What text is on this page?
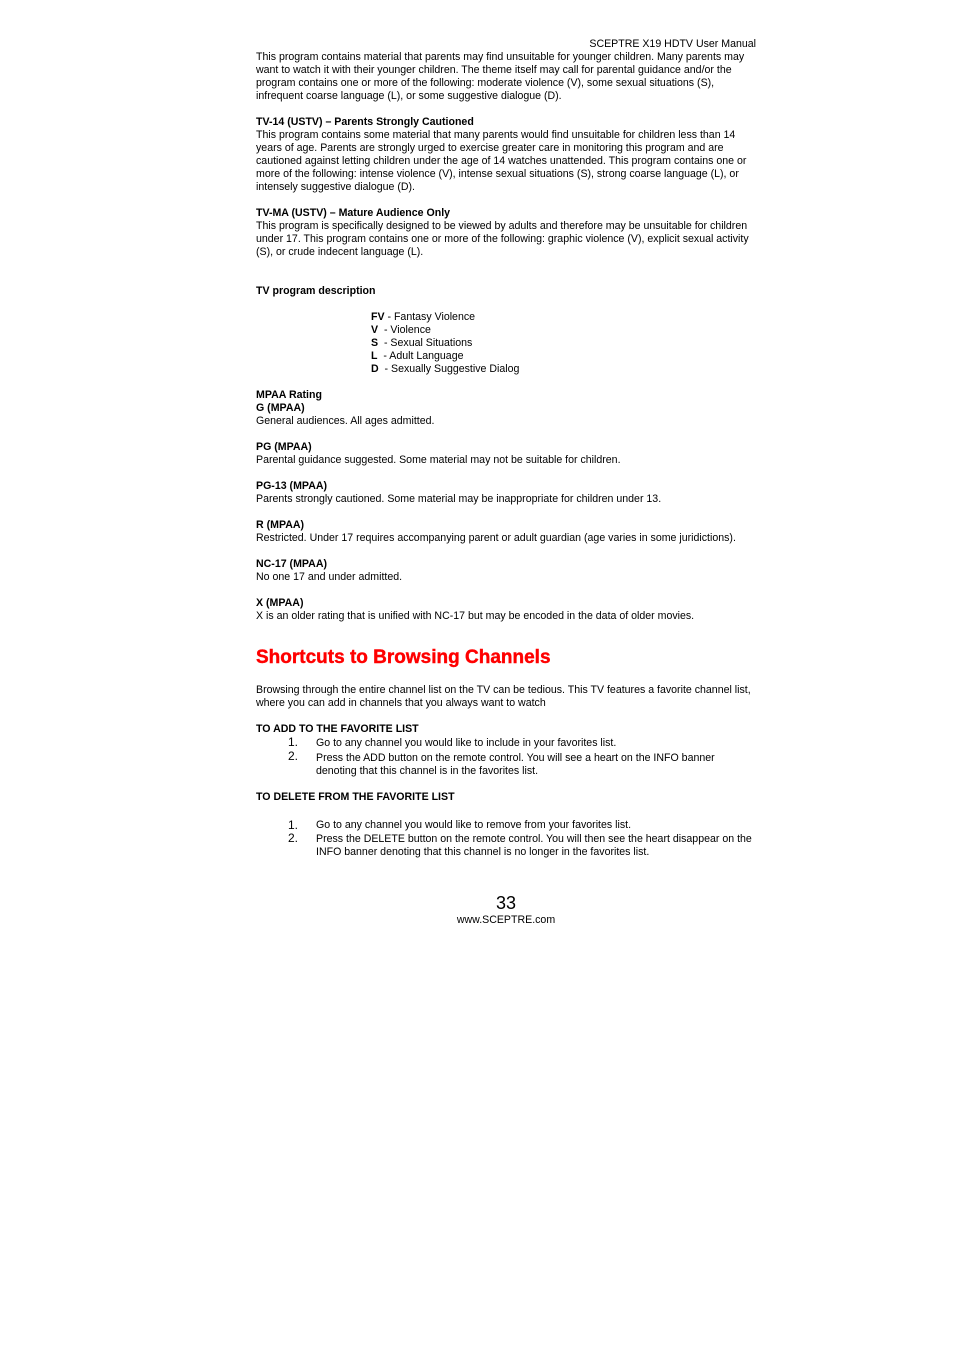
SCEPTRE X19 HDTV User Manual

This program contains material that parents may find unsuitable for younger children. Many parents may want to watch it with their younger children. The theme itself may call for parental guidance and/or the program contains one or more of the following: moderate violence (V), some sexual situations (S), infrequent coarse language (L), or some suggestive dialogue (D).

TV-14 (USTV) – Parents Strongly Cautioned

This program contains some material that many parents would find unsuitable for children less than 14 years of age. Parents are strongly urged to exercise greater care in monitoring this program and are cautioned against letting children under the age of 14 watches unattended. This program contains one or more of the following: intense violence (V), intense sexual situations (S), strong coarse language (L), or intensely suggestive dialogue (D).

TV-MA (USTV) – Mature Audience Only

This program is specifically designed to be viewed by adults and therefore may be unsuitable for children under 17. This program contains one or more of the following: graphic violence (V), explicit sexual activity (S), or crude indecent language (L).

TV program description

FV - Fantasy Violence
V  - Violence
S  - Sexual Situations
L  - Adult Language
D  - Sexually Suggestive Dialog

MPAA Rating

G (MPAA)

General audiences. All ages admitted.

PG (MPAA)

Parental guidance suggested. Some material may not be suitable for children.

PG-13 (MPAA)

Parents strongly cautioned. Some material may be inappropriate for children under 13.

R (MPAA)

Restricted. Under 17 requires accompanying parent or adult guardian (age varies in some juridictions).

NC-17 (MPAA)

No one 17 and under admitted.

X (MPAA)

X is an older rating that is unified with NC-17 but may be encoded in the data of older movies.

Shortcuts to Browsing Channels

Browsing through the entire channel list on the TV can be tedious. This TV features a favorite channel list, where you can add in channels that you always want to watch

TO ADD TO THE FAVORITE LIST

1. Go to any channel you would like to include in your favorites list.
2. Press the ADD button on the remote control. You will see a heart on the INFO banner denoting that this channel is in the favorites list.

TO DELETE FROM THE FAVORITE LIST

1. Go to any channel you would like to remove from your favorites list.
2. Press the DELETE button on the remote control. You will then see the heart disappear on the INFO banner denoting that this channel is no longer in the favorites list.
33
www.SCEPTRE.com
